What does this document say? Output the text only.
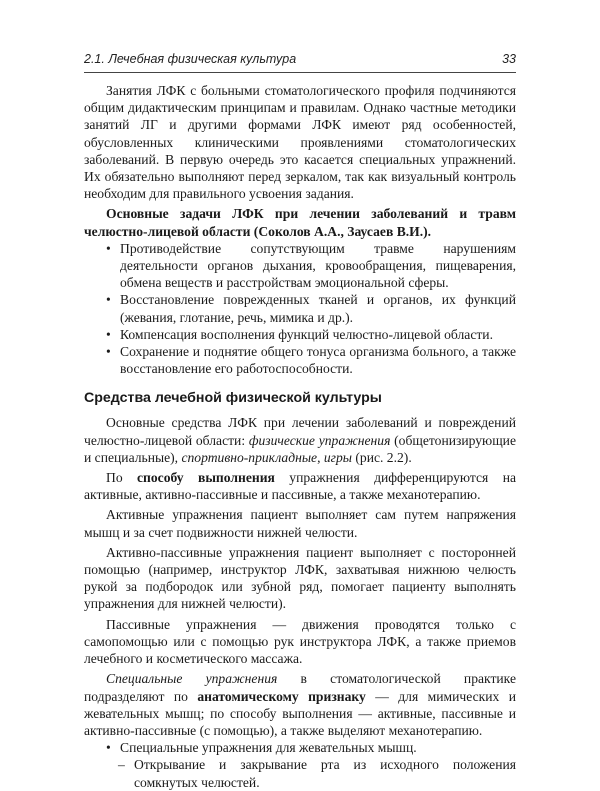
2.1. Лечебная физическая культура	33

Занятия ЛФК с больными стоматологического профиля подчиняются общим дидактическим принципам и правилам. Однако частные методики занятий ЛГ и другими формами ЛФК имеют ряд особенностей, обусловленных клиническими проявлениями стоматологических заболеваний. В первую очередь это касается специальных упражнений. Их обязательно выполняют перед зеркалом, так как визуальный контроль необходим для правильного усвоения задания.

Основные задачи ЛФК при лечении заболеваний и травм челюстно-лицевой области (Соколов А.А., Заусаев В.И.).

• Противодействие сопутствующим травме нарушениям деятельности органов дыхания, кровообращения, пищеварения, обмена веществ и расстройствам эмоциональной сферы.
• Восстановление поврежденных тканей и органов, их функций (жевания, глотание, речь, мимика и др.).
• Компенсация восполнения функций челюстно-лицевой области.
• Сохранение и поднятие общего тонуса организма больного, а также восстановление его работоспособности.
Средства лечебной физической культуры

Основные средства ЛФК при лечении заболеваний и повреждений челюстно-лицевой области: физические упражнения (общетонизирующие и специальные), спортивно-прикладные, игры (рис. 2.2).

По способу выполнения упражнения дифференцируются на активные, активно-пассивные и пассивные, а также механотерапию.

Активные упражнения пациент выполняет сам путем напряжения мышц и за счет подвижности нижней челюсти.

Активно-пассивные упражнения пациент выполняет с посторонней помощью (например, инструктор ЛФК, захватывая нижнюю челюсть рукой за подбородок или зубной ряд, помогает пациенту выполнять упражнения для нижней челюсти).

Пассивные упражнения — движения проводятся только с самопомощью или с помощью рук инструктора ЛФК, а также приемов лечебного и косметического массажа.

Специальные упражнения в стоматологической практике подразделяют по анатомическому признаку — для мимических и жевательных мышц; по способу выполнения — активные, пассивные и активно-пассивные (с помощью), а также выделяют механотерапию.

• Специальные упражнения для жевательных мышц.
– Открывание и закрывание рта из исходного положения сомкнутых челюстей.
